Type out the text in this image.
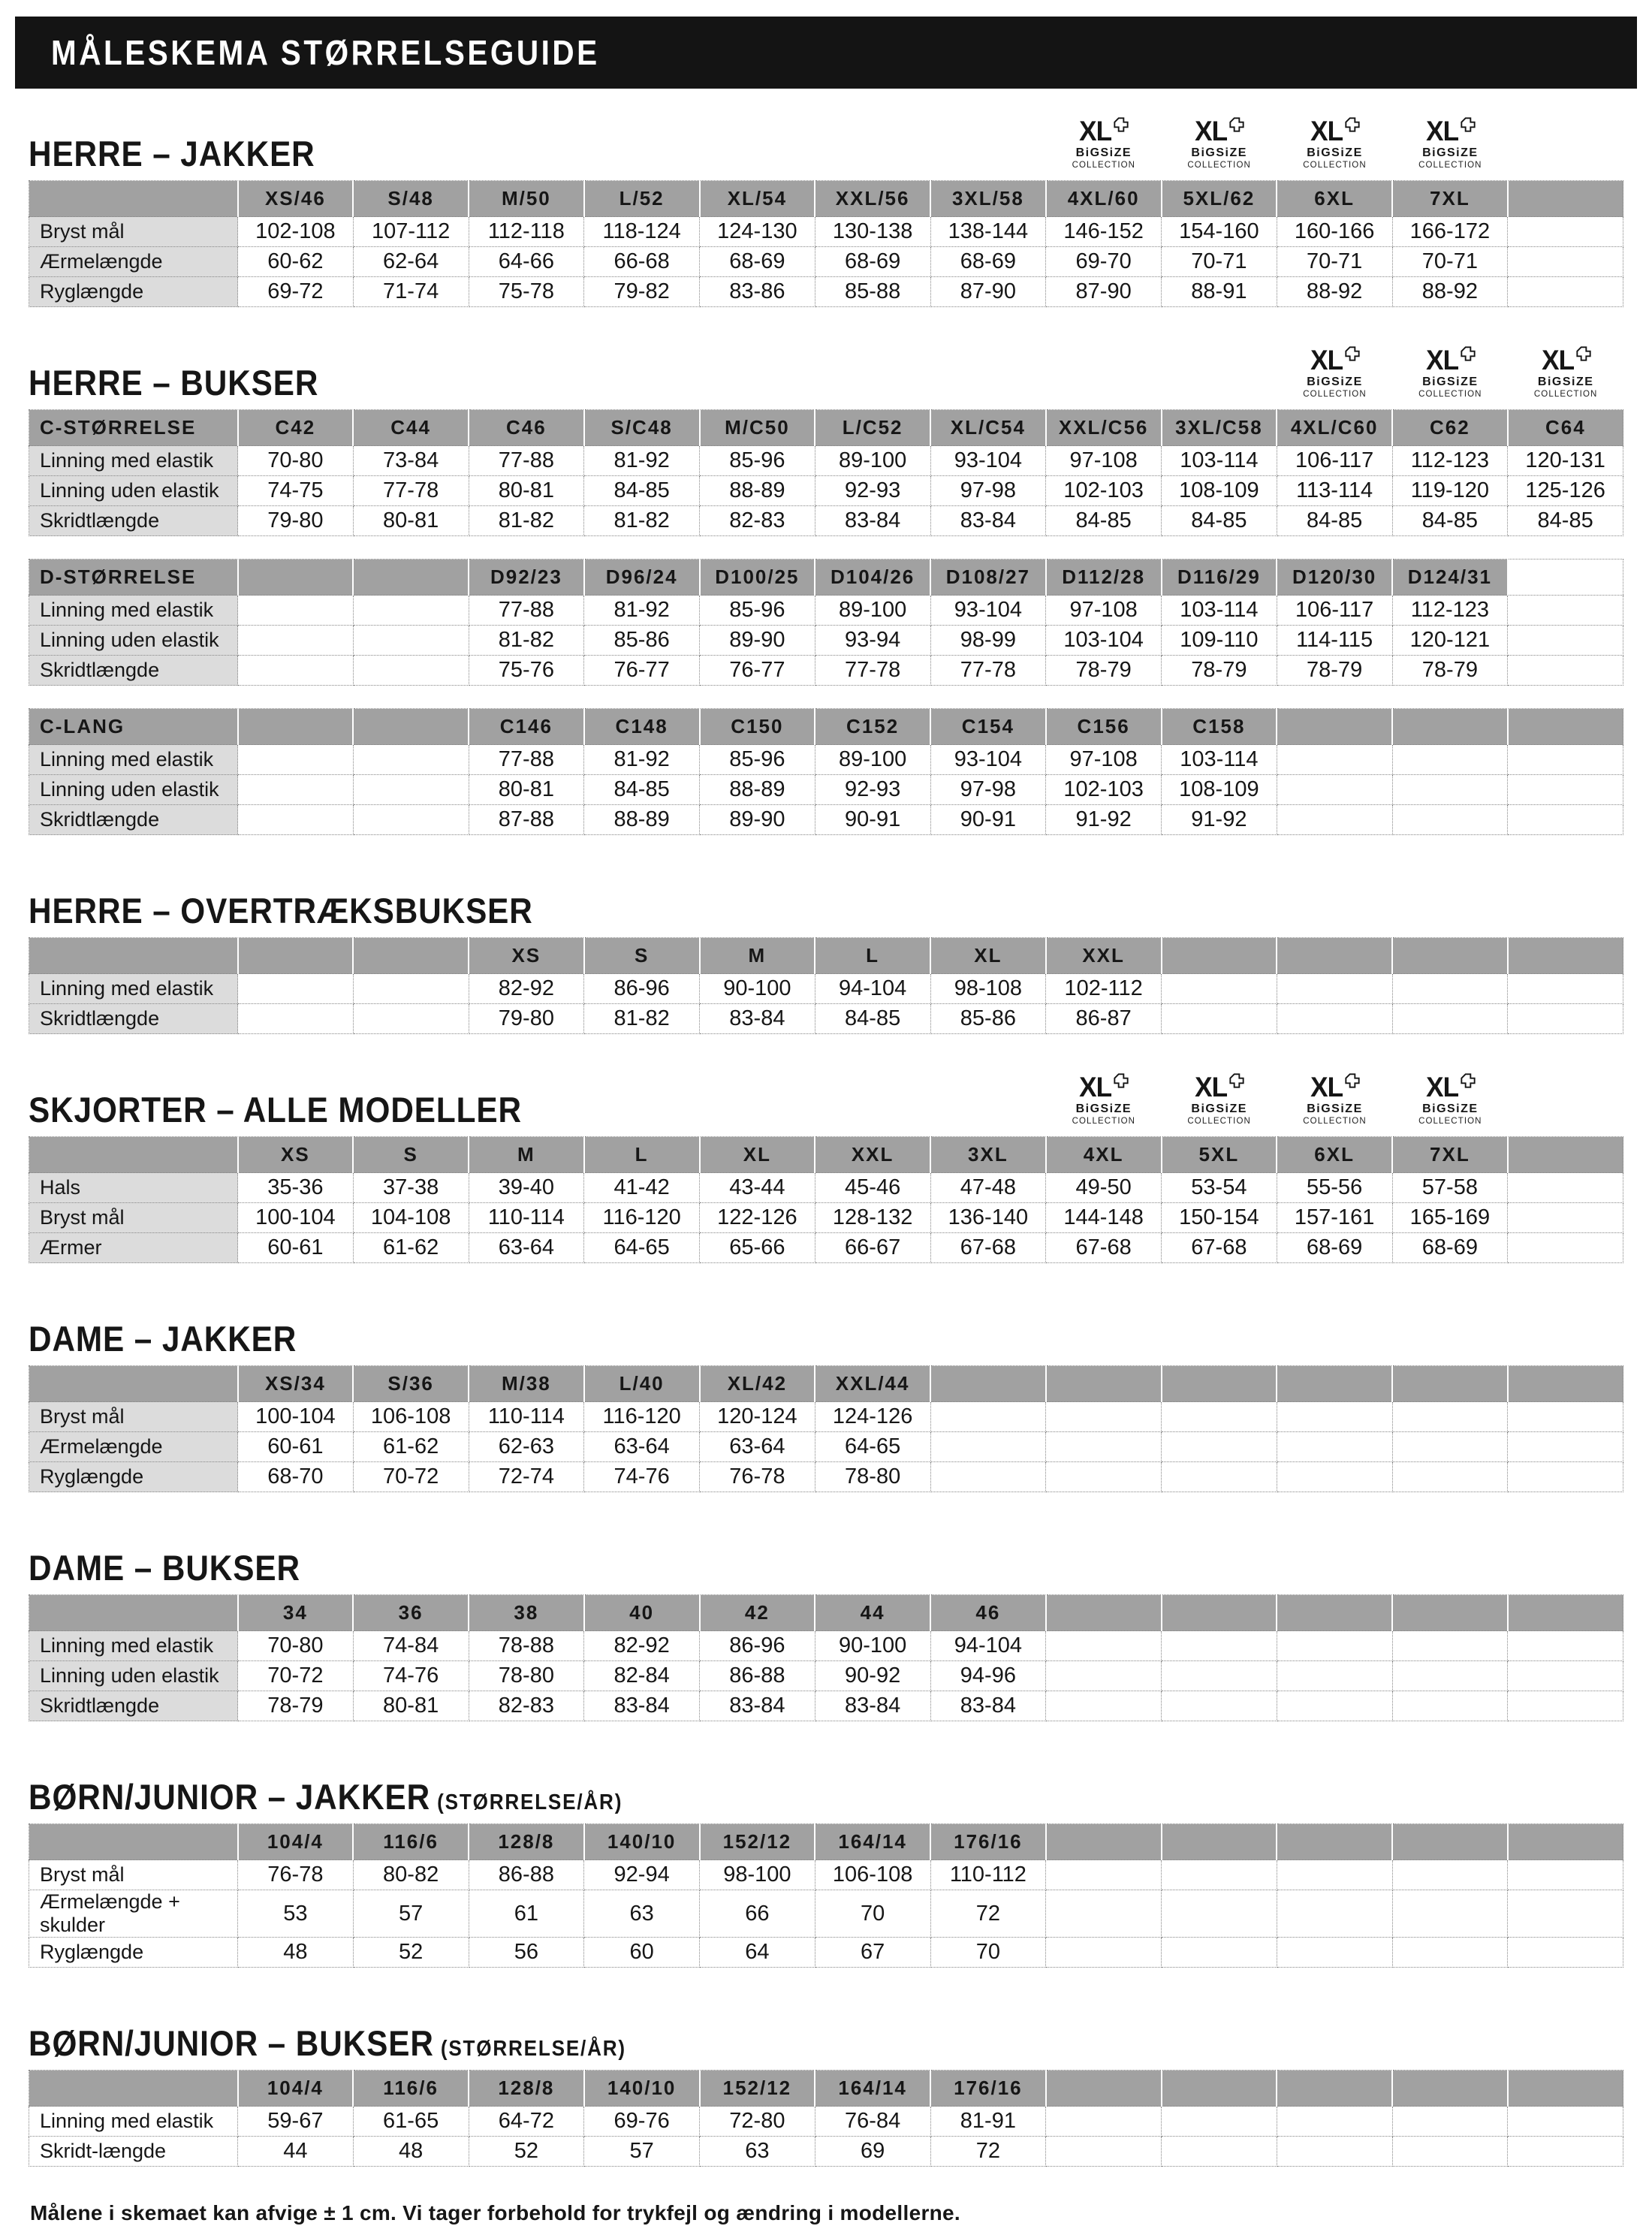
MÅLESKEMA STØRRELSEGUIDE
HERRE – JAKKER
XL
BiGSiZE
COLLECTION
XL
BiGSiZE
COLLECTION
XL
BiGSiZE
COLLECTION
XL
BiGSiZE
COLLECTION
	XS/46	S/48	M/50	L/52	XL/54	XXL/56	3XL/58	4XL/60	5XL/62	6XL	7XL	
Bryst mål	102-108	107-112	112-118	118-124	124-130	130-138	138-144	146-152	154-160	160-166	166-172	
Ærmelængde	60-62	62-64	64-66	66-68	68-69	68-69	68-69	69-70	70-71	70-71	70-71	
Ryglængde	69-72	71-74	75-78	79-82	83-86	85-88	87-90	87-90	88-91	88-92	88-92	
HERRE – BUKSER
XL
BiGSiZE
COLLECTION
XL
BiGSiZE
COLLECTION
XL
BiGSiZE
COLLECTION
C-STØRRELSE	C42	C44	C46	S/C48	M/C50	L/C52	XL/C54	XXL/C56	3XL/C58	4XL/C60	C62	C64
Linning med elastik	70-80	73-84	77-88	81-92	85-96	89-100	93-104	97-108	103-114	106-117	112-123	120-131
Linning uden elastik	74-75	77-78	80-81	84-85	88-89	92-93	97-98	102-103	108-109	113-114	119-120	125-126
Skridtlængde	79-80	80-81	81-82	81-82	82-83	83-84	83-84	84-85	84-85	84-85	84-85	84-85
D-STØRRELSE			D92/23	D96/24	D100/25	D104/26	D108/27	D112/28	D116/29	D120/30	D124/31	
Linning med elastik			77-88	81-92	85-96	89-100	93-104	97-108	103-114	106-117	112-123	
Linning uden elastik			81-82	85-86	89-90	93-94	98-99	103-104	109-110	114-115	120-121	
Skridtlængde			75-76	76-77	76-77	77-78	77-78	78-79	78-79	78-79	78-79	
C-LANG			C146	C148	C150	C152	C154	C156	C158			
Linning med elastik			77-88	81-92	85-96	89-100	93-104	97-108	103-114			
Linning uden elastik			80-81	84-85	88-89	92-93	97-98	102-103	108-109			
Skridtlængde			87-88	88-89	89-90	90-91	90-91	91-92	91-92			
HERRE – OVERTRÆKSBUKSER
			XS	S	M	L	XL	XXL				
Linning med elastik			82-92	86-96	90-100	94-104	98-108	102-112				
Skridtlængde			79-80	81-82	83-84	84-85	85-86	86-87				
SKJORTER – ALLE MODELLER
XL
BiGSiZE
COLLECTION
XL
BiGSiZE
COLLECTION
XL
BiGSiZE
COLLECTION
XL
BiGSiZE
COLLECTION
	XS	S	M	L	XL	XXL	3XL	4XL	5XL	6XL	7XL	
Hals	35-36	37-38	39-40	41-42	43-44	45-46	47-48	49-50	53-54	55-56	57-58	
Bryst mål	100-104	104-108	110-114	116-120	122-126	128-132	136-140	144-148	150-154	157-161	165-169	
Ærmer	60-61	61-62	63-64	64-65	65-66	66-67	67-68	67-68	67-68	68-69	68-69	
DAME – JAKKER
	XS/34	S/36	M/38	L/40	XL/42	XXL/44						
Bryst mål	100-104	106-108	110-114	116-120	120-124	124-126						
Ærmelængde	60-61	61-62	62-63	63-64	63-64	64-65						
Ryglængde	68-70	70-72	72-74	74-76	76-78	78-80						
DAME – BUKSER
	34	36	38	40	42	44	46					
Linning med elastik	70-80	74-84	78-88	82-92	86-96	90-100	94-104					
Linning uden elastik	70-72	74-76	78-80	82-84	86-88	90-92	94-96					
Skridtlængde	78-79	80-81	82-83	83-84	83-84	83-84	83-84					
BØRN/JUNIOR – JAKKER (STØRRELSE/ÅR)
	104/4	116/6	128/8	140/10	152/12	164/14	176/16					
Bryst mål	76-78	80-82	86-88	92-94	98-100	106-108	110-112					
Ærmelængde + skulder	53	57	61	63	66	70	72					
Ryglængde	48	52	56	60	64	67	70					
BØRN/JUNIOR – BUKSER (STØRRELSE/ÅR)
	104/4	116/6	128/8	140/10	152/12	164/14	176/16					
Linning med elastik	59-67	61-65	64-72	69-76	72-80	76-84	81-91					
Skridt-længde	44	48	52	57	63	69	72					

Målene i skemaet kan afvige ± 1 cm. Vi tager forbehold for trykfejl og ændring i modellerne.
